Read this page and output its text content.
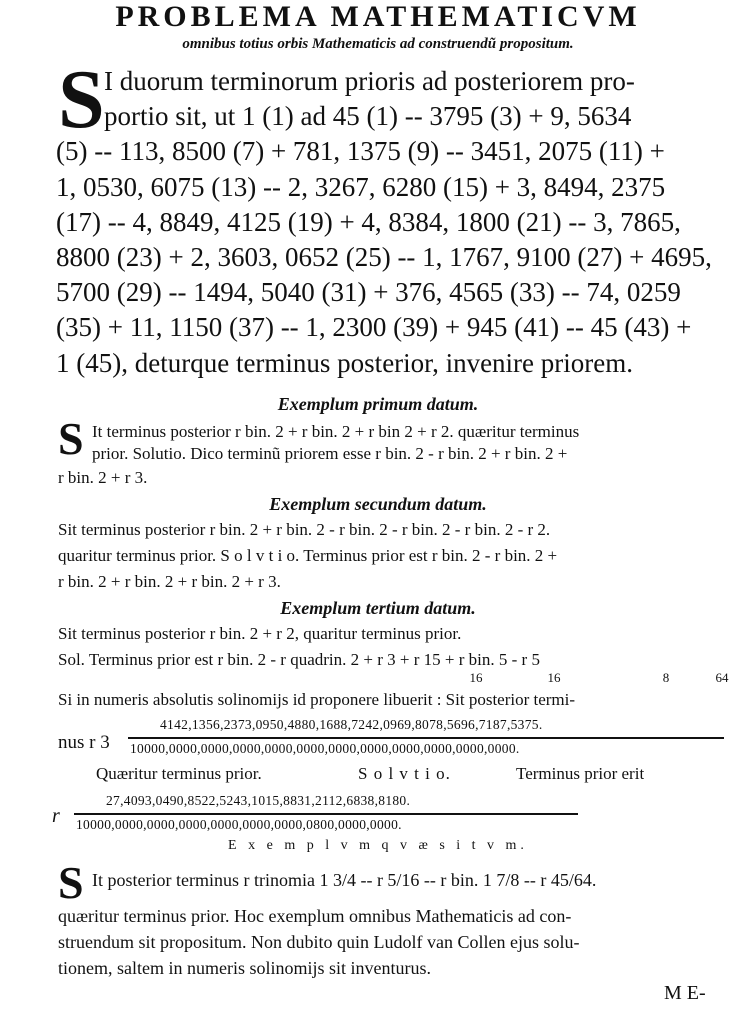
PROBLEMA MATHEMATICVM
omnibus totius orbis Mathematicis ad construendũ propositum.
S I duorum terminorum prioris ad posteriorem pro-
portio sit, ut 1 (1) ad 45 (1) -- 3795 (3) + 9, 5634
(5) -- 113, 8500 (7) + 781, 1375 (9) -- 3451, 2075 (11) +
1, 0530, 6075 (13) -- 2, 3267, 6280 (15) + 3, 8494, 2375
(17) -- 4, 8849, 4125 (19) + 4, 8384, 1800 (21) -- 3, 7865,
8800 (23) + 2, 3603, 0652 (25) -- 1, 1767, 9100 (27) + 4695,
5700 (29) -- 1494, 5040 (31) + 376, 4565 (33) -- 74, 0259
(35) + 11, 1150 (37) -- 1, 2300 (39) + 945 (41) -- 45 (43) +
1 (45), deturque terminus posterior, invenire priorem.
Exemplum primum datum.
S It terminus posterior r bin. 2 + r bin. 2 + r bin 2 + r 2. quæritur terminus
prior. Solutio. Dico terminũ priorem esse r bin. 2 - r bin. 2 + r bin. 2 +
r bin. 2 + r 3.
Exemplum secundum datum.
Sit terminus posterior r bin. 2 + r bin. 2 - r bin. 2 - r bin. 2 - r bin. 2 - r 2.
quaritur terminus prior. S o l v t i o. Terminus prior est r bin. 2 - r bin. 2 +
r bin. 2 + r bin. 2 + r bin. 2 + r 3.
Exemplum tertium datum.
Sit terminus posterior r bin. 2 + r 2, quaritur terminus prior.
Sol. Terminus prior est r bin. 2 - r quadrin. 2 + r 3 + r 15 + r bin. 5 - r 5
16	16	8	64
Si in numeris absolutis solinomijs id proponere libuerit : Sit posterior termi-
4142,1356,2373,0950,4880,1688,7242,0969,8078,5696,7187,5375.
nus r 3 10000,0000,0000,0000,0000,0000,0000,0000,0000,0000,0000,0000.
Quæritur terminus prior.	S o l v t i o.	Terminus prior erit
27,4093,0490,8522,5243,1015,8831,2112,6838,8180.
r 10000,0000,0000,0000,0000,0000,0000,0800,0000,0000.
E x e m p l v m q v æ s i t v m.
S It posterior terminus r trinomia 1 3/4 -- r 5/16 -- r bin. 1 7/8 -- r 45/64.
quæritur terminus prior. Hoc exemplum omnibus Mathematicis ad con-
struendum sit propositum. Non dubito quin Ludolf van Collen ejus solu-
tionem, saltem in numeris solinomijs sit inventurus.
M E-
